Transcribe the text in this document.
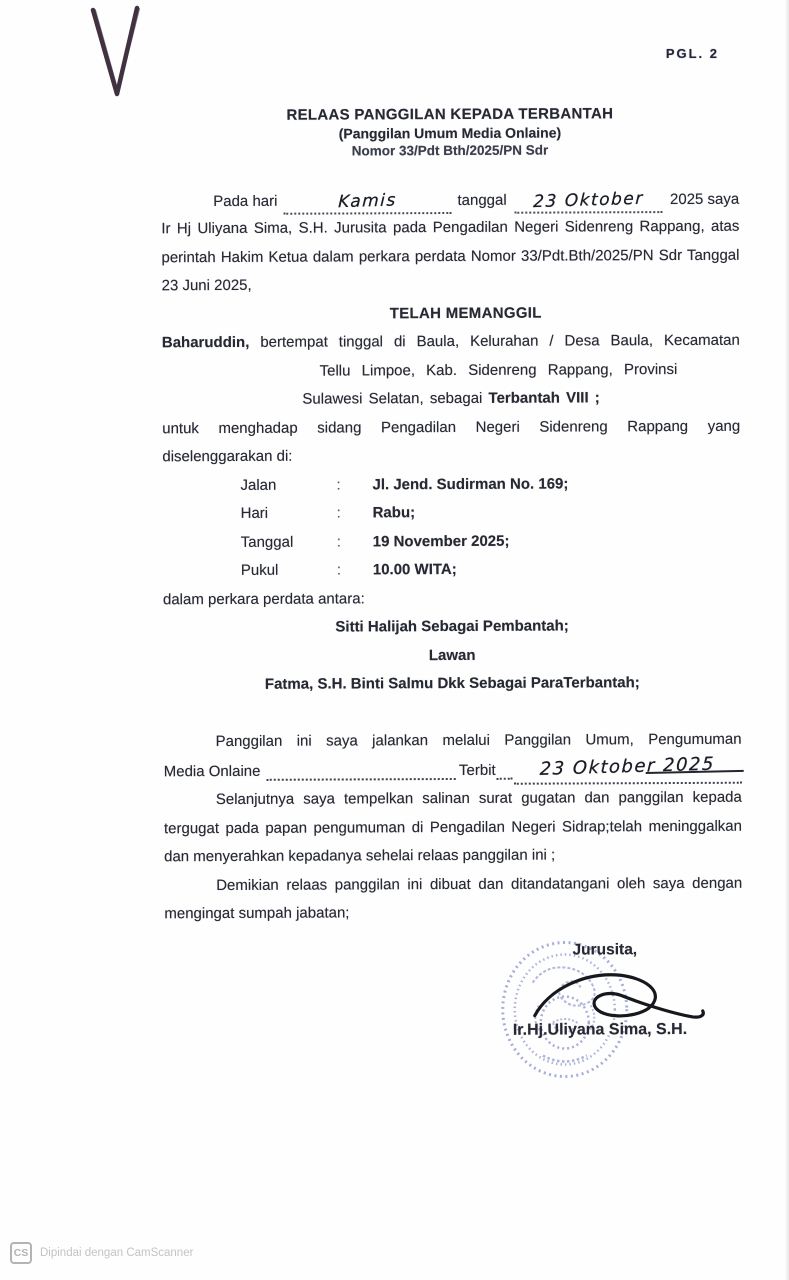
PGL. 2
RELAAS PANGGILAN KEPADA TERBANTAH
(Panggilan Umum Media Onlaine)
Nomor 33/Pdt Bth/2025/PN Sdr
Pada hari	Kamis	tanggal	23 Oktober	2025 saya
Ir Hj Uliyana Sima, S.H. Jurusita pada Pengadilan Negeri Sidenreng Rappang, atas perintah Hakim Ketua dalam perkara perdata Nomor 33/Pdt.Bth/2025/PN Sdr Tanggal 23 Juni 2025,
TELAH MEMANGGIL
Baharuddin, bertempat tinggal di Baula, Kelurahan / Desa Baula, Kecamatan
Tellu Limpoe, Kab. Sidenreng Rappang, Provinsi
Sulawesi Selatan, sebagai Terbantah VIII ;
untuk menghadap sidang Pengadilan Negeri Sidenreng Rappang yang diselenggarakan di:
Jalan	:	Jl. Jend. Sudirman No. 169;
Hari	:	Rabu;
Tanggal	:	19 November 2025;
Pukul	:	10.00 WITA;
dalam perkara perdata antara:
Sitti Halijah Sebagai Pembantah;
Lawan
Fatma, S.H. Binti Salmu Dkk Sebagai ParaTerbantah;
Panggilan ini saya jalankan melalui Panggilan Umum, Pengumuman
Media Onlaine	Terbit	23 Oktober 2025
Selanjutnya saya tempelkan salinan surat gugatan dan panggilan kepada tergugat pada papan pengumuman di Pengadilan Negeri Sidrap;telah meninggalkan dan menyerahkan kepadanya sehelai relaas panggilan ini ;
Demikian relaas panggilan ini dibuat dan ditandatangani oleh saya dengan mengingat sumpah jabatan;
Jurusita,
Ir.Hj.Uliyana Sima, S.H.
CS	Dipindai dengan CamScanner
